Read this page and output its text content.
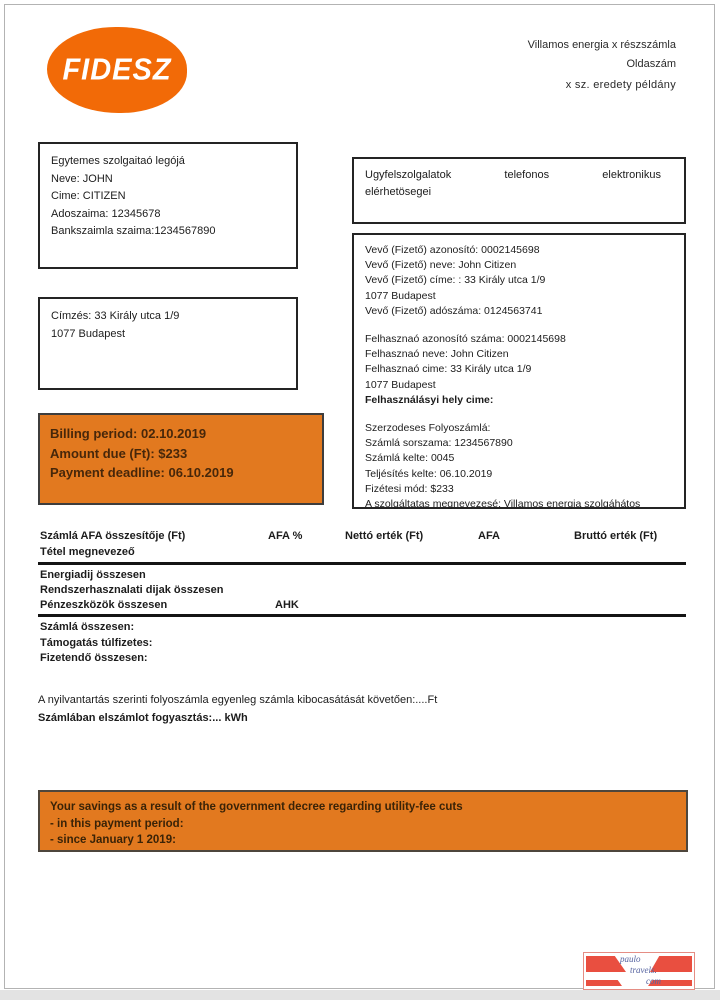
FIDESZ
Villamos energia x részszámla
Oldaszám
x sz. eredety példány
Egytemes szolgaitaó legójá
Neve: JOHN
Cime: CITIZEN
Adoszaima: 12345678
Bankszaimla szaima:1234567890
Ugyfelszolgalatok	telefonos	elektronikus
elérhetösegei
Címzés: 33 Király utca 1/9
1077 Budapest
Vevő (Fizető) azonosító: 0002145698
Vevő (Fizető) neve: John Citizen
Vevő (Fizető) címe: : 33 Király utca 1/9
1077 Budapest
Vevő (Fizető) adószáma: 0124563741
Felhasznaó azonosító száma: 0002145698
Felhasznaó neve: John Citizen
Felhasznaó cime: 33 Király utca 1/9
1077 Budapest
Felhasználásyi hely cime:
Szerzodeses Folyoszámlá:
Számlá sorszama: 1234567890
Számlá kelte: 0045
Teljésítés kelte: 06.10.2019
Fizétesi mód: $233
A szolgáltatas megnevezesé: Villamos energia szolgáhátos
Billing period: 02.10.2019
Amount due (Ft): $233
Payment deadline: 06.10.2019
Számlá AFA összesítője (Ft)	AFA %	Nettó erték (Ft)	AFA	Bruttó erték (Ft)
Tétel megnevezeő
Energiadij összesen
Rendszerhasznalati dijak összesen
Pénzeszközök összesen	AHK
Számlá összesen:
Támogatás túlfizetes:
Fizetendő összesen:
A nyilvantartás szerinti folyoszámla egyenleg számla kibocasátását követően:....Ft
Számlában elszámlot fogyasztás:... kWh
Your savings as a result of the government decree regarding utility-fee cuts
- in this payment period:
- since January 1 2019:
paulo
travels.
com
